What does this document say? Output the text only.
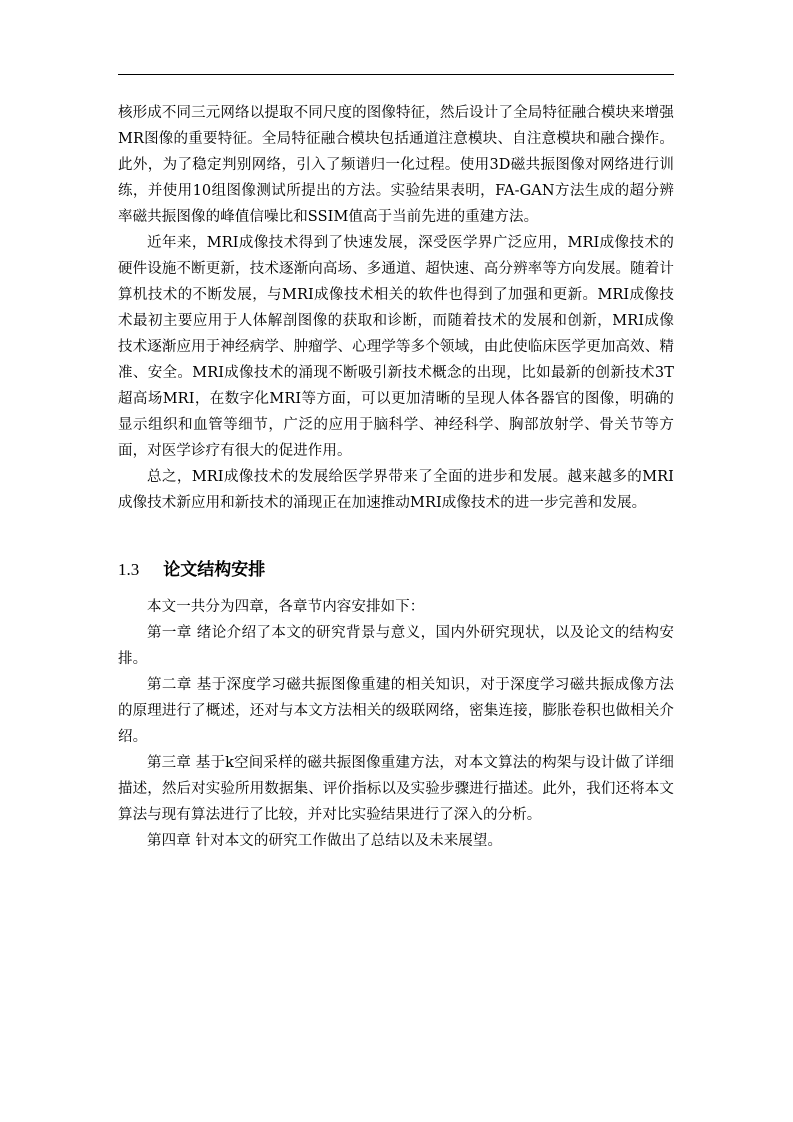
核形成不同三元网络以提取不同尺度的图像特征，然后设计了全局特征融合模块来增强MR图像的重要特征。全局特征融合模块包括通道注意模块、自注意模块和融合操作。此外，为了稳定判别网络，引入了频谱归一化过程。使用3D磁共振图像对网络进行训练，并使用10组图像测试所提出的方法。实验结果表明，FA-GAN方法生成的超分辨率磁共振图像的峰值信噪比和SSIM值高于当前先进的重建方法。

近年来，MRI成像技术得到了快速发展，深受医学界广泛应用，MRI成像技术的硬件设施不断更新，技术逐渐向高场、多通道、超快速、高分辨率等方向发展。随着计算机技术的不断发展，与MRI成像技术相关的软件也得到了加强和更新。MRI成像技术最初主要应用于人体解剖图像的获取和诊断，而随着技术的发展和创新，MRI成像技术逐渐应用于神经病学、肿瘤学、心理学等多个领域，由此使临床医学更加高效、精准、安全。MRI成像技术的涌现不断吸引新技术概念的出现，比如最新的创新技术3T超高场MRI，在数字化MRI等方面，可以更加清晰的呈现人体各器官的图像，明确的显示组织和血管等细节，广泛的应用于脑科学、神经科学、胸部放射学、骨关节等方面，对医学诊疗有很大的促进作用。

总之，MRI成像技术的发展给医学界带来了全面的进步和发展。越来越多的MRI成像技术新应用和新技术的涌现正在加速推动MRI成像技术的进一步完善和发展。

1.3 论文结构安排

本文一共分为四章，各章节内容安排如下：

第一章 绪论介绍了本文的研究背景与意义，国内外研究现状，以及论文的结构安排。

第二章 基于深度学习磁共振图像重建的相关知识，对于深度学习磁共振成像方法的原理进行了概述，还对与本文方法相关的级联网络，密集连接，膨胀卷积也做相关介绍。

第三章 基于k空间采样的磁共振图像重建方法，对本文算法的构架与设计做了详细描述，然后对实验所用数据集、评价指标以及实验步骤进行描述。此外，我们还将本文算法与现有算法进行了比较，并对比实验结果进行了深入的分析。

第四章 针对本文的研究工作做出了总结以及未来展望。
